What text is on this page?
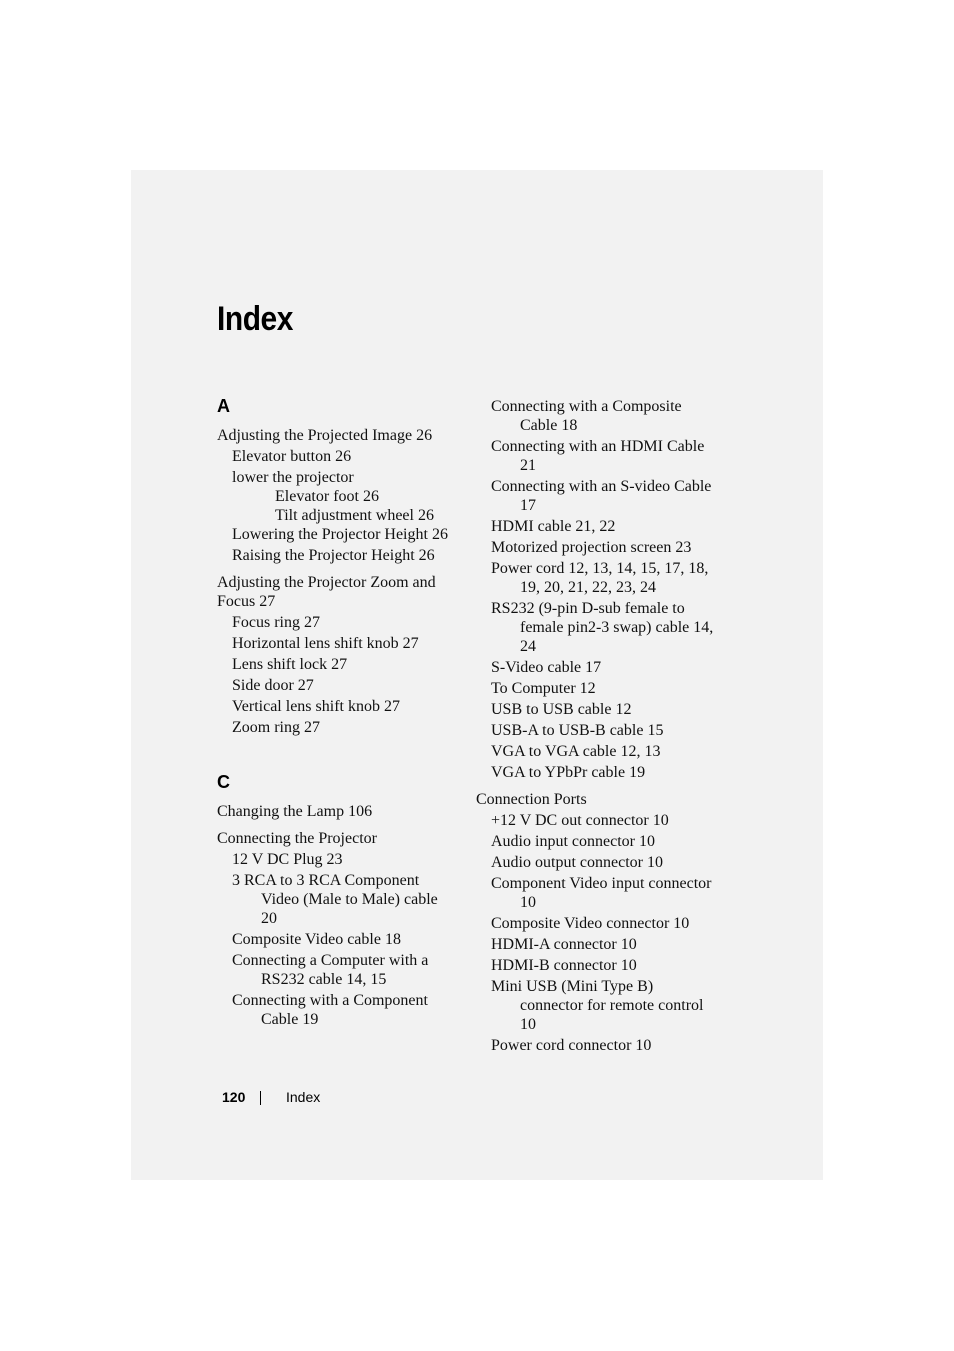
Index
A

Adjusting the Projected Image 26

Elevator button 26

lower the projector

Elevator foot 26

Tilt adjustment wheel 26

Lowering the Projector Height 26

Raising the Projector Height 26

Adjusting the Projector Zoom and Focus 27

Focus ring 27

Horizontal lens shift knob 27

Lens shift lock 27

Side door 27

Vertical lens shift knob 27

Zoom ring 27

C

Changing the Lamp 106

Connecting the Projector

12 V DC Plug 23

3 RCA to 3 RCA Component Video (Male to Male) cable 20

Composite Video cable 18

Connecting a Computer with a RS232 cable 14, 15

Connecting with a Component Cable 19

Connecting with a Composite Cable 18

Connecting with an HDMI Cable 21

Connecting with an S-video Cable 17

HDMI cable 21, 22

Motorized projection screen 23

Power cord 12, 13, 14, 15, 17, 18, 19, 20, 21, 22, 23, 24

RS232 (9-pin D-sub female to female pin2-3 swap) cable 14, 24

S-Video cable 17

To Computer 12

USB to USB cable 12

USB-A to USB-B cable 15

VGA to VGA cable 12, 13

VGA to YPbPr cable 19

Connection Ports

+12 V DC out connector 10

Audio input connector 10

Audio output connector 10

Component Video input connector 10

Composite Video connector 10

HDMI-A connector 10

HDMI-B connector 10

Mini USB (Mini Type B) connector for remote control 10

Power cord connector 10

120	Index
